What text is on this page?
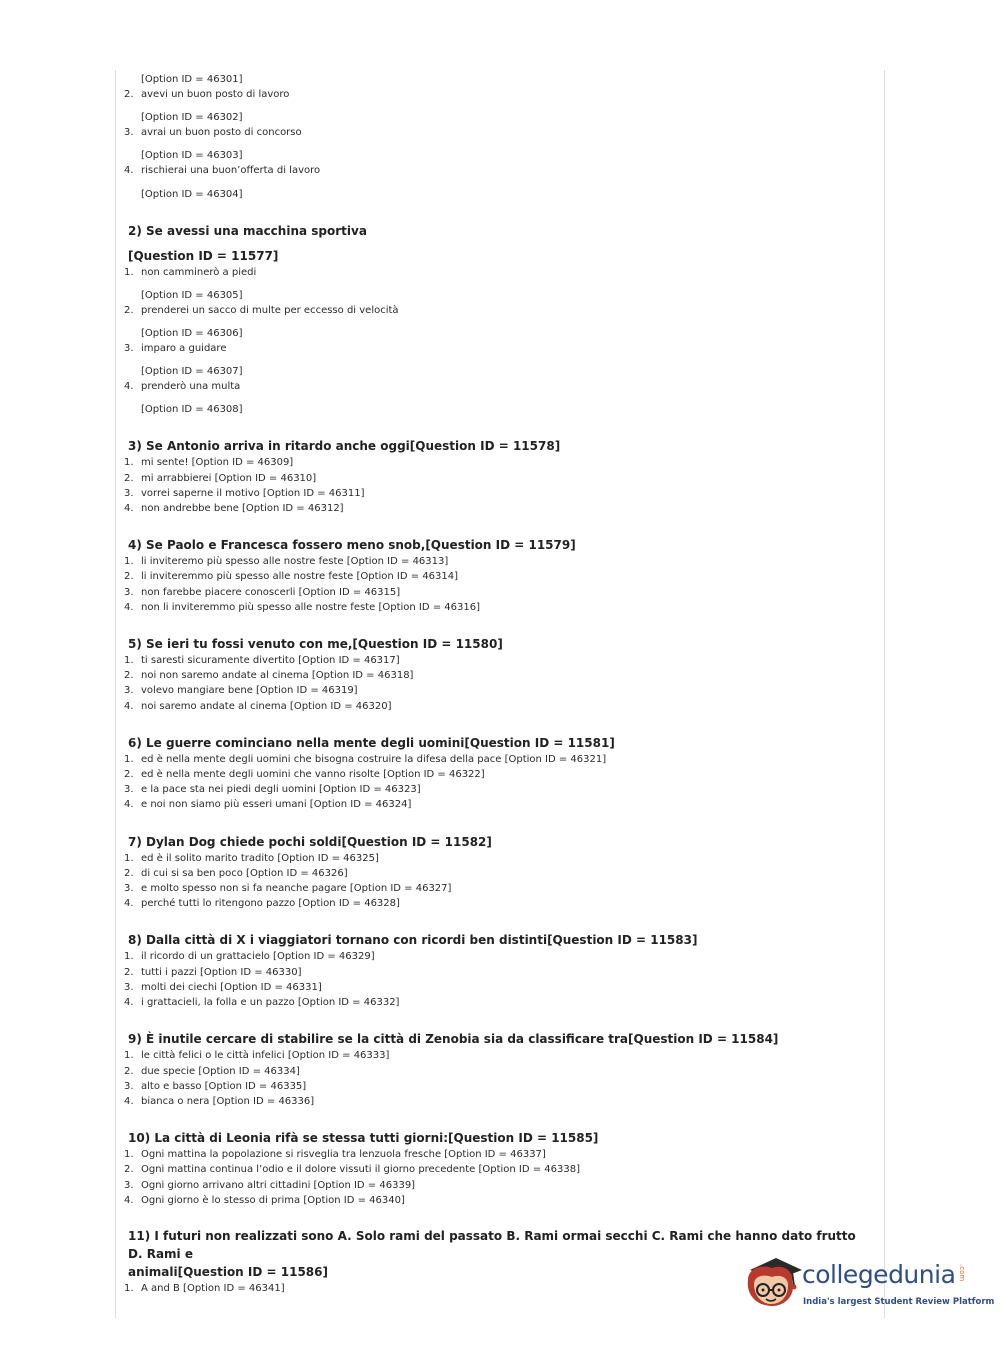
[Option ID = 46301]
2. avevi un buon posto di lavoro
[Option ID = 46302]
3. avrai un buon posto di concorso
[Option ID = 46303]
4. rischierai una buon’offerta di lavoro
[Option ID = 46304]
2) Se avessi una macchina sportiva
[Question ID = 11577]
1. non camminerò a piedi
[Option ID = 46305]
2. prenderei un sacco di multe per eccesso di velocità
[Option ID = 46306]
3. imparo a guidare
[Option ID = 46307]
4. prenderò una multa
[Option ID = 46308]
3) Se Antonio arriva in ritardo anche oggi[Question ID = 11578]
1. mi sente! [Option ID = 46309]
2. mi arrabbierei [Option ID = 46310]
3. vorrei saperne il motivo [Option ID = 46311]
4. non andrebbe bene [Option ID = 46312]
4) Se Paolo e Francesca fossero meno snob,[Question ID = 11579]
1. li inviteremo più spesso alle nostre feste [Option ID = 46313]
2. li inviteremmo più spesso alle nostre feste [Option ID = 46314]
3. non farebbe piacere conoscerli [Option ID = 46315]
4. non li inviteremmo più spesso alle nostre feste [Option ID = 46316]
5) Se ieri tu fossi venuto con me,[Question ID = 11580]
1. ti saresti sicuramente divertito [Option ID = 46317]
2. noi non saremo andate al cinema [Option ID = 46318]
3. volevo mangiare bene [Option ID = 46319]
4. noi saremo andate al cinema [Option ID = 46320]
6) Le guerre cominciano nella mente degli uomini[Question ID = 11581]
1. ed è nella mente degli uomini che bisogna costruire la difesa della pace [Option ID = 46321]
2. ed è nella mente degli uomini che vanno risolte [Option ID = 46322]
3. e la pace sta nei piedi degli uomini [Option ID = 46323]
4. e noi non siamo più esseri umani [Option ID = 46324]
7) Dylan Dog chiede pochi soldi[Question ID = 11582]
1. ed è il solito marito tradito [Option ID = 46325]
2. di cui si sa ben poco [Option ID = 46326]
3. e molto spesso non si fa neanche pagare [Option ID = 46327]
4. perché tutti lo ritengono pazzo [Option ID = 46328]
8) Dalla città di X i viaggiatori tornano con ricordi ben distinti[Question ID = 11583]
1. il ricordo di un grattacielo [Option ID = 46329]
2. tutti i pazzi [Option ID = 46330]
3. molti dei ciechi [Option ID = 46331]
4. i grattacieli, la folla e un pazzo [Option ID = 46332]
9) È inutile cercare di stabilire se la città di Zenobia sia da classificare tra[Question ID = 11584]
1. le città felici o le città infelici [Option ID = 46333]
2. due specie [Option ID = 46334]
3. alto e basso [Option ID = 46335]
4. bianca o nera [Option ID = 46336]
10) La città di Leonia rifà se stessa tutti giorni:[Question ID = 11585]
1. Ogni mattina la popolazione si risveglia tra lenzuola fresche [Option ID = 46337]
2. Ogni mattina continua l’odio e il dolore vissuti il giorno precedente [Option ID = 46338]
3. Ogni giorno arrivano altri cittadini [Option ID = 46339]
4. Ogni giorno è lo stesso di prima [Option ID = 46340]
11) I futuri non realizzati sono A. Solo rami del passato B. Rami ormai secchi C. Rami che hanno dato frutto D. Rami e
animali[Question ID = 11586]
1. A and B [Option ID = 46341]	collegedunia .com
India's largest Student Review Platform
